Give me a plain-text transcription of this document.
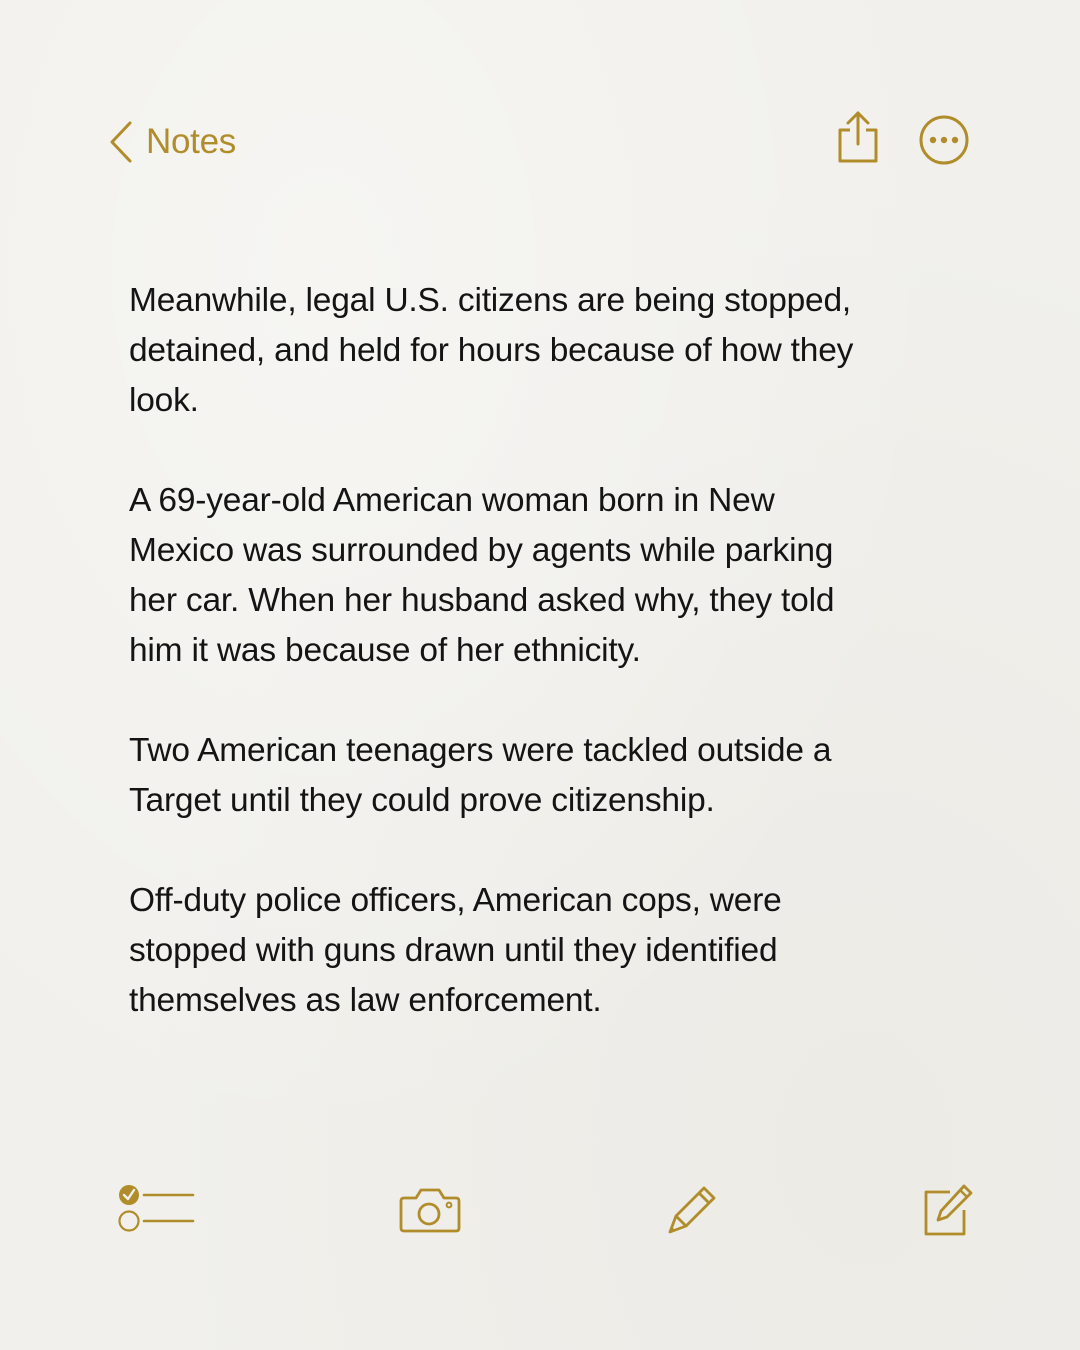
Notes

Meanwhile, legal U.S. citizens are being stopped,
detained, and held for hours because of how they
look.

A 69-year-old American woman born in New
Mexico was surrounded by agents while parking
her car. When her husband asked why, they told
him it was because of her ethnicity.

Two American teenagers were tackled outside a
Target until they could prove citizenship.

Off-duty police officers, American cops, were
stopped with guns drawn until they identified
themselves as law enforcement.
